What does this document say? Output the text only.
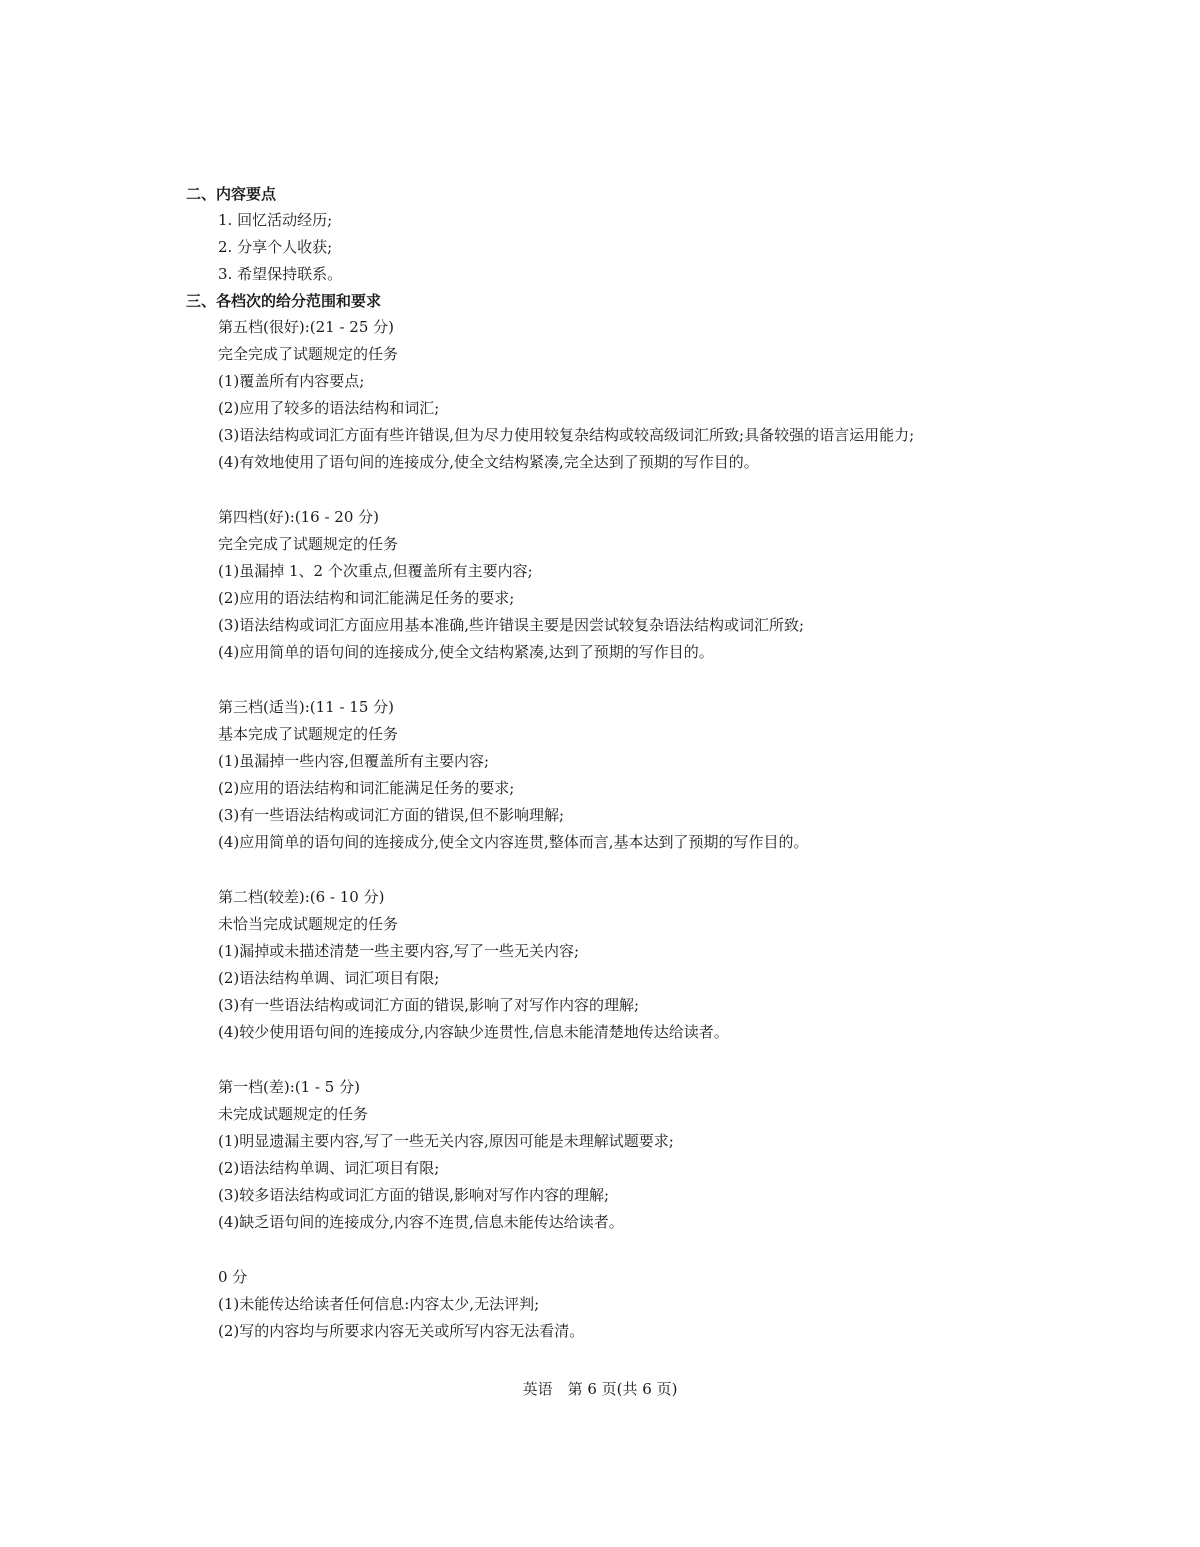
二、内容要点
1. 回忆活动经历;
2. 分享个人收获;
3. 希望保持联系。
三、各档次的给分范围和要求
第五档(很好):(21 - 25 分)
完全完成了试题规定的任务
(1)覆盖所有内容要点;
(2)应用了较多的语法结构和词汇;
(3)语法结构或词汇方面有些许错误,但为尽力使用较复杂结构或较高级词汇所致;具备较强的语言运用能力;
(4)有效地使用了语句间的连接成分,使全文结构紧凑,完全达到了预期的写作目的。
第四档(好):(16 - 20 分)
完全完成了试题规定的任务
(1)虽漏掉 1、2 个次重点,但覆盖所有主要内容;
(2)应用的语法结构和词汇能满足任务的要求;
(3)语法结构或词汇方面应用基本准确,些许错误主要是因尝试较复杂语法结构或词汇所致;
(4)应用简单的语句间的连接成分,使全文结构紧凑,达到了预期的写作目的。
第三档(适当):(11 - 15 分)
基本完成了试题规定的任务
(1)虽漏掉一些内容,但覆盖所有主要内容;
(2)应用的语法结构和词汇能满足任务的要求;
(3)有一些语法结构或词汇方面的错误,但不影响理解;
(4)应用简单的语句间的连接成分,使全文内容连贯,整体而言,基本达到了预期的写作目的。
第二档(较差):(6 - 10 分)
未恰当完成试题规定的任务
(1)漏掉或未描述清楚一些主要内容,写了一些无关内容;
(2)语法结构单调、词汇项目有限;
(3)有一些语法结构或词汇方面的错误,影响了对写作内容的理解;
(4)较少使用语句间的连接成分,内容缺少连贯性,信息未能清楚地传达给读者。
第一档(差):(1 - 5 分)
未完成试题规定的任务
(1)明显遗漏主要内容,写了一些无关内容,原因可能是未理解试题要求;
(2)语法结构单调、词汇项目有限;
(3)较多语法结构或词汇方面的错误,影响对写作内容的理解;
(4)缺乏语句间的连接成分,内容不连贯,信息未能传达给读者。
0 分
(1)未能传达给读者任何信息:内容太少,无法评判;
(2)写的内容均与所要求内容无关或所写内容无法看清。
英语　第 6 页(共 6 页)
